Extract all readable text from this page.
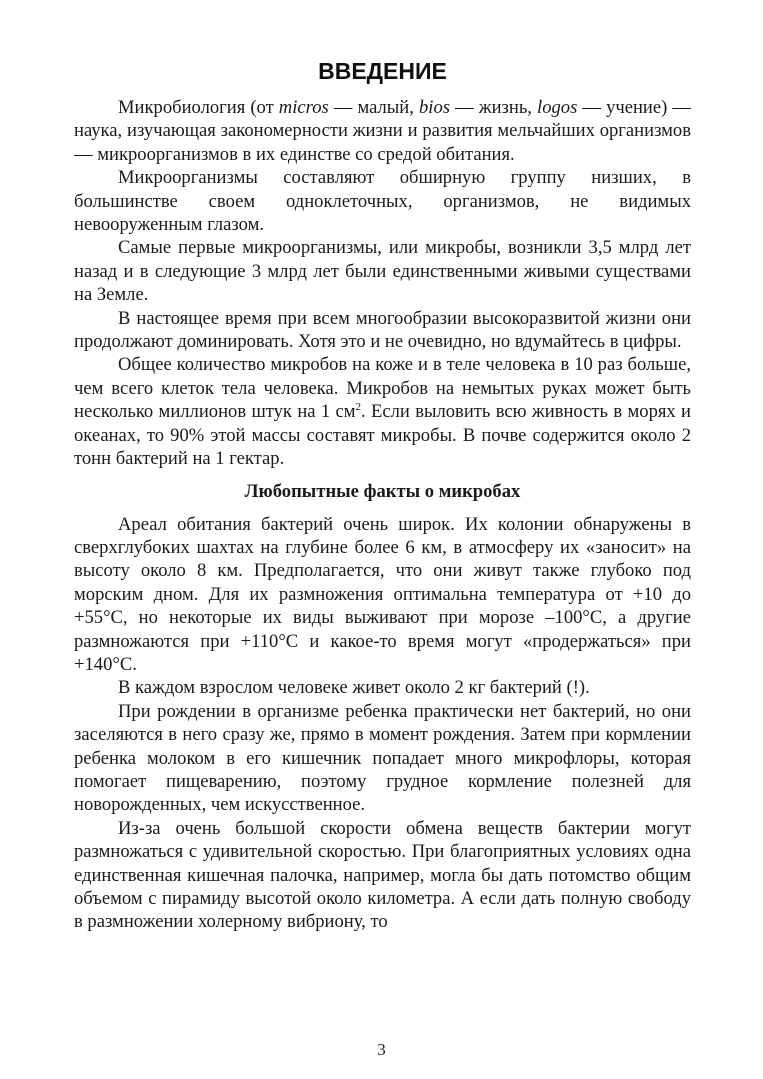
ВВЕДЕНИЕ

Микробиология (от micros — малый, bios — жизнь, logos — учение) — наука, изучающая закономерности жизни и развития мельчайших организмов — микроорганизмов в их единстве со средой обитания.

Микроорганизмы составляют обширную группу низших, в большинстве своем одноклеточных, организмов, не видимых невооруженным глазом.

Самые первые микроорганизмы, или микробы, возникли 3,5 млрд лет назад и в следующие 3 млрд лет были единственными живыми существами на Земле.

В настоящее время при всем многообразии высокоразвитой жизни они продолжают доминировать. Хотя это и не очевидно, но вдумайтесь в цифры.

Общее количество микробов на коже и в теле человека в 10 раз больше, чем всего клеток тела человека. Микробов на немытых руках может быть несколько миллионов штук на 1 $см^2$. Если выловить всю живность в морях и океанах, то 90% этой массы составят микробы. В почве содержится около 2 тонн бактерий на 1 гектар.

Любопытные факты о микробах

Ареал обитания бактерий очень широк. Их колонии обнаружены в сверхглубоких шахтах на глубине более 6 км, в атмосферу их «заносит» на высоту около 8 км. Предполагается, что они живут также глубоко под морским дном. Для их размножения оптимальна температура от +10 до +55°С, но некоторые их виды выживают при морозе –100°С, а другие размножаются при +110°С и какое-то время могут «продержаться» при +140°С.

В каждом взрослом человеке живет около 2 кг бактерий (!).

При рождении в организме ребенка практически нет бактерий, но они заселяются в него сразу же, прямо в момент рождения. Затем при кормлении ребенка молоком в его кишечник попадает много микрофлоры, которая помогает пищеварению, поэтому грудное кормление полезней для новорожденных, чем искусственное.

Из-за очень большой скорости обмена веществ бактерии могут размножаться с удивительной скоростью. При благоприятных условиях одна единственная кишечная палочка, например, могла бы дать потомство общим объемом с пирамиду высотой около километра. А если дать полную свободу в размножении холерному вибриону, то

3
